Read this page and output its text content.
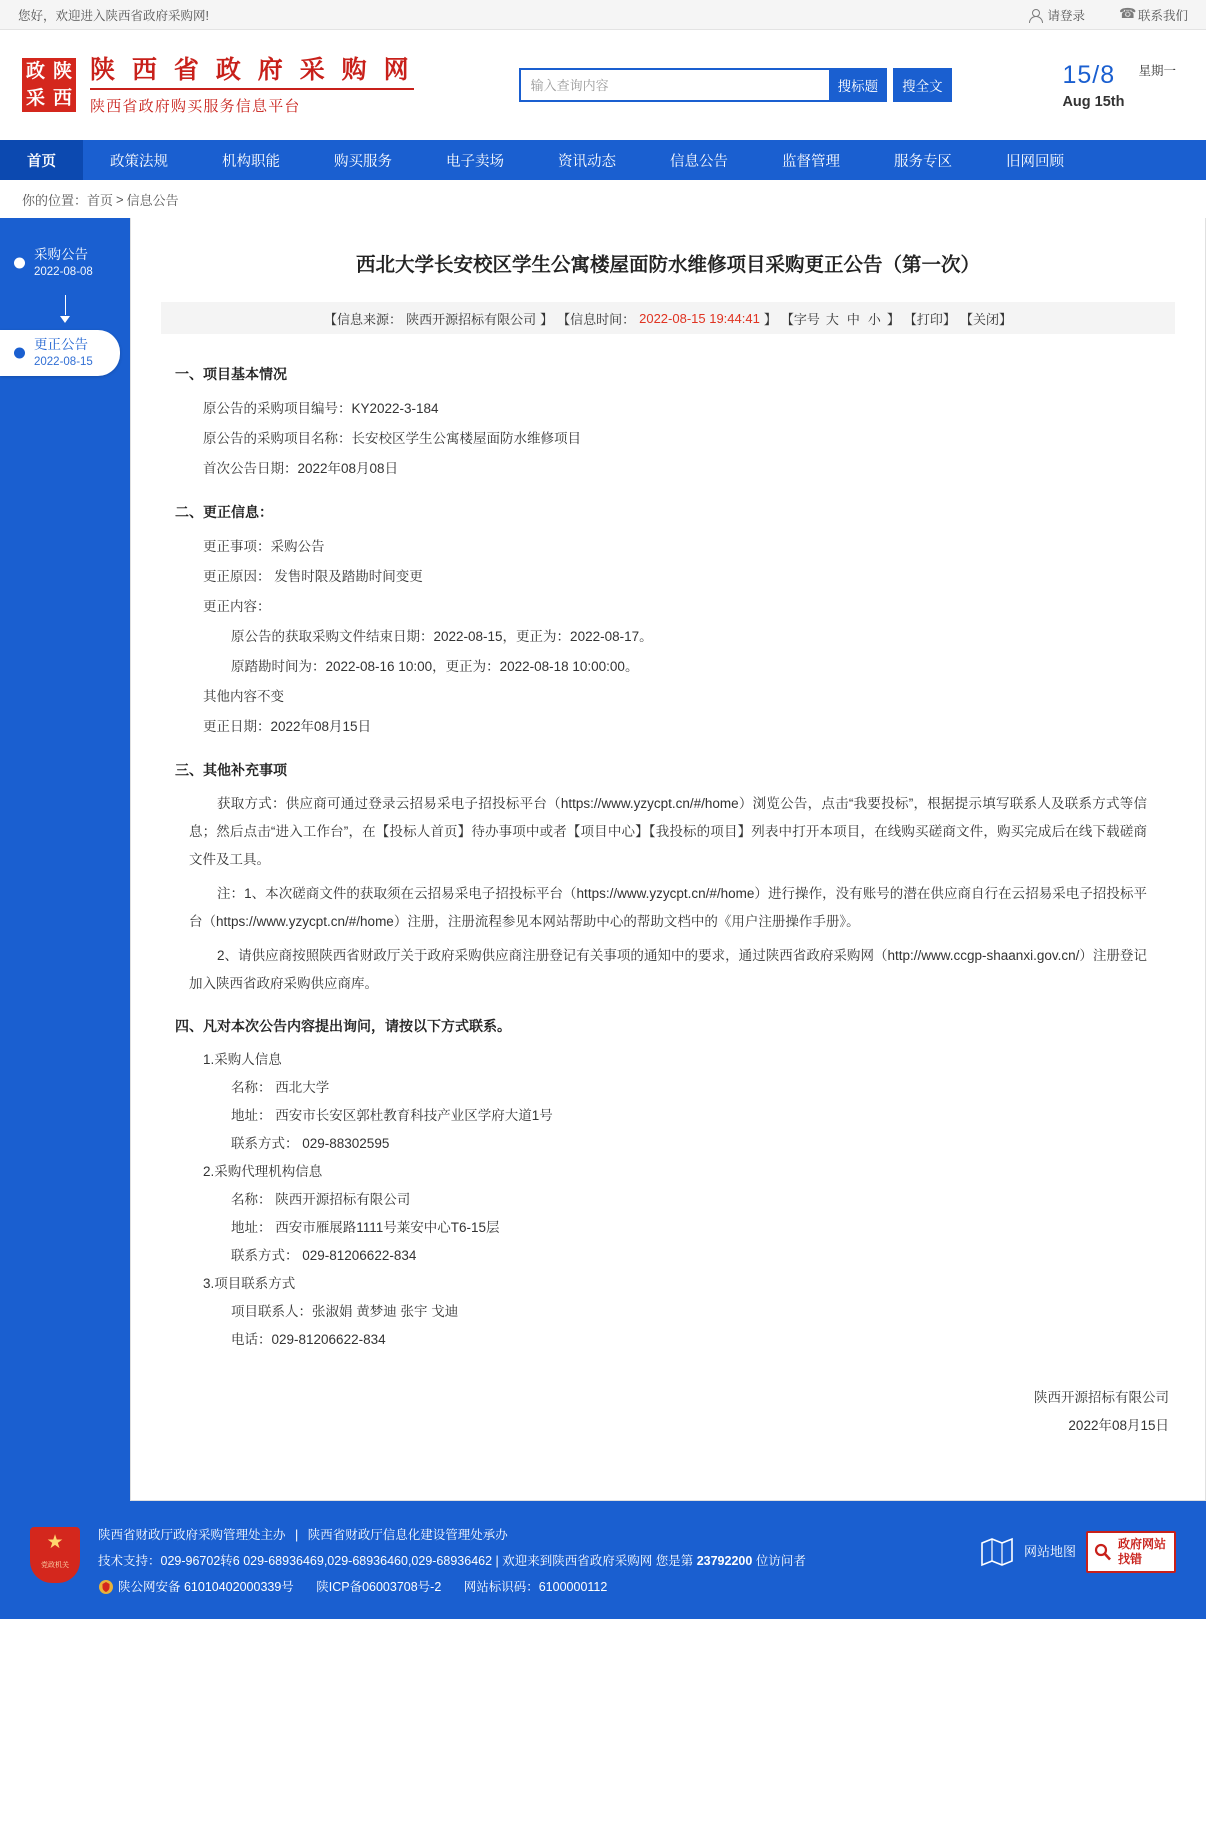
您好，欢迎进入陕西省政府采购网!	请登录 ☎	联系我们
政 陕
采 西
陕 西 省 政 府 采 购 网
陕西省政府购买服务信息平台
输入查询内容
搜标题	搜全文	15/8
Aug 15th
星期一
首页	政策法规	机构职能	购买服务	电子卖场	资讯动态	信息公告	监督管理	服务专区	旧网回顾
你的位置： 首页 > 信息公告
采购公告
2022-08-08
更正公告
2022-08-15
西北大学长安校区学生公寓楼屋面防水维修项目采购更正公告（第一次）
【信息来源： 陕西开源招标有限公司 】 【信息时间： 2022-08-15 19:44:41 】 【字号 大 中 小 】 【打印】 【关闭】
一、项目基本情况
原公告的采购项目编号：KY2022-3-184
原公告的采购项目名称：长安校区学生公寓楼屋面防水维修项目
首次公告日期：2022年08月08日
二、更正信息：
更正事项：采购公告
更正原因： 发售时限及踏勘时间变更
更正内容：
原公告的获取采购文件结束日期：2022-08-15，更正为：2022-08-17。
原踏勘时间为：2022-08-16 10:00，更正为：2022-08-18 10:00:00。
其他内容不变
更正日期：2022年08月15日
三、其他补充事项
获取方式：供应商可通过登录云招易采电子招投标平台（https://www.yzycpt.cn/#/home）浏览公告，点击“我要投标”，根据提示填写联系人及联系方式等信息；然后点击“进入工作台”，在【投标人首页】待办事项中或者【项目中心】【我投标的项目】列表中打开本项目，在线购买磋商文件，购买完成后在线下载磋商文件及工具。
注：1、本次磋商文件的获取须在云招易采电子招投标平台（https://www.yzycpt.cn/#/home）进行操作，没有账号的潜在供应商自行在云招易采电子招投标平台（https://www.yzycpt.cn/#/home）注册，注册流程参见本网站帮助中心的帮助文档中的《用户注册操作手册》。
2、请供应商按照陕西省财政厅关于政府采购供应商注册登记有关事项的通知中的要求，通过陕西省政府采购网（http://www.ccgp-shaanxi.gov.cn/）注册登记加入陕西省政府采购供应商库。
四、凡对本次公告内容提出询问，请按以下方式联系。
1.采购人信息
名称： 西北大学
地址： 西安市长安区郭杜教育科技产业区学府大道1号
联系方式： 029-88302595
2.采购代理机构信息
名称： 陕西开源招标有限公司
地址： 西安市雁展路1111号莱安中心T6-15层
联系方式： 029-81206622-834
3.项目联系方式
项目联系人：张淑娟 黄梦迪 张宇 戈迪
电话：029-81206622-834
陕西开源招标有限公司
2022年08月15日
★
党政机关
陕西省财政厅政府采购管理处主办 | 陕西省财政厅信息化建设管理处承办
技术支持：029-96702转6 029-68936469,029-68936460,029-68936462 | 欢迎来到陕西省政府采购网 您是第 23792200 位访问者
陕公网安备 61010402000339号
陕ICP备06003708号-2
网站标识码：6100000112
网站地图	政府网站
找错
